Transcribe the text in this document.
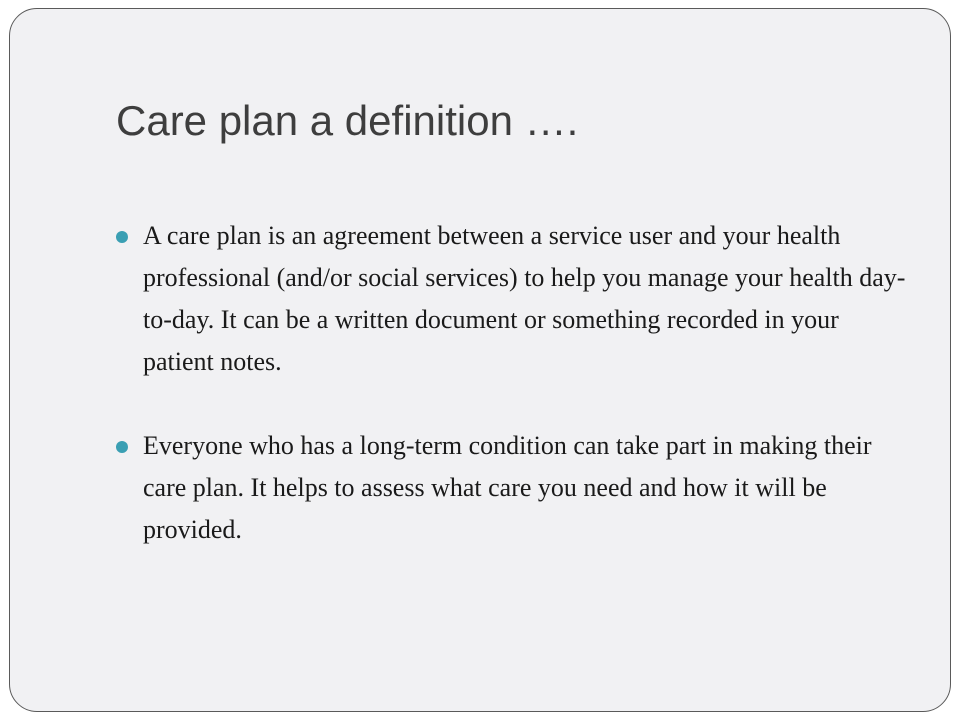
Care plan a definition ….
A care plan is an agreement between a service user and your health professional (and/or social services) to help you manage your health day-to-day. It can be a written document or something recorded in your patient notes.
Everyone who has a long-term condition can take part in making their care plan. It helps to assess what care you need and how it will be provided.
